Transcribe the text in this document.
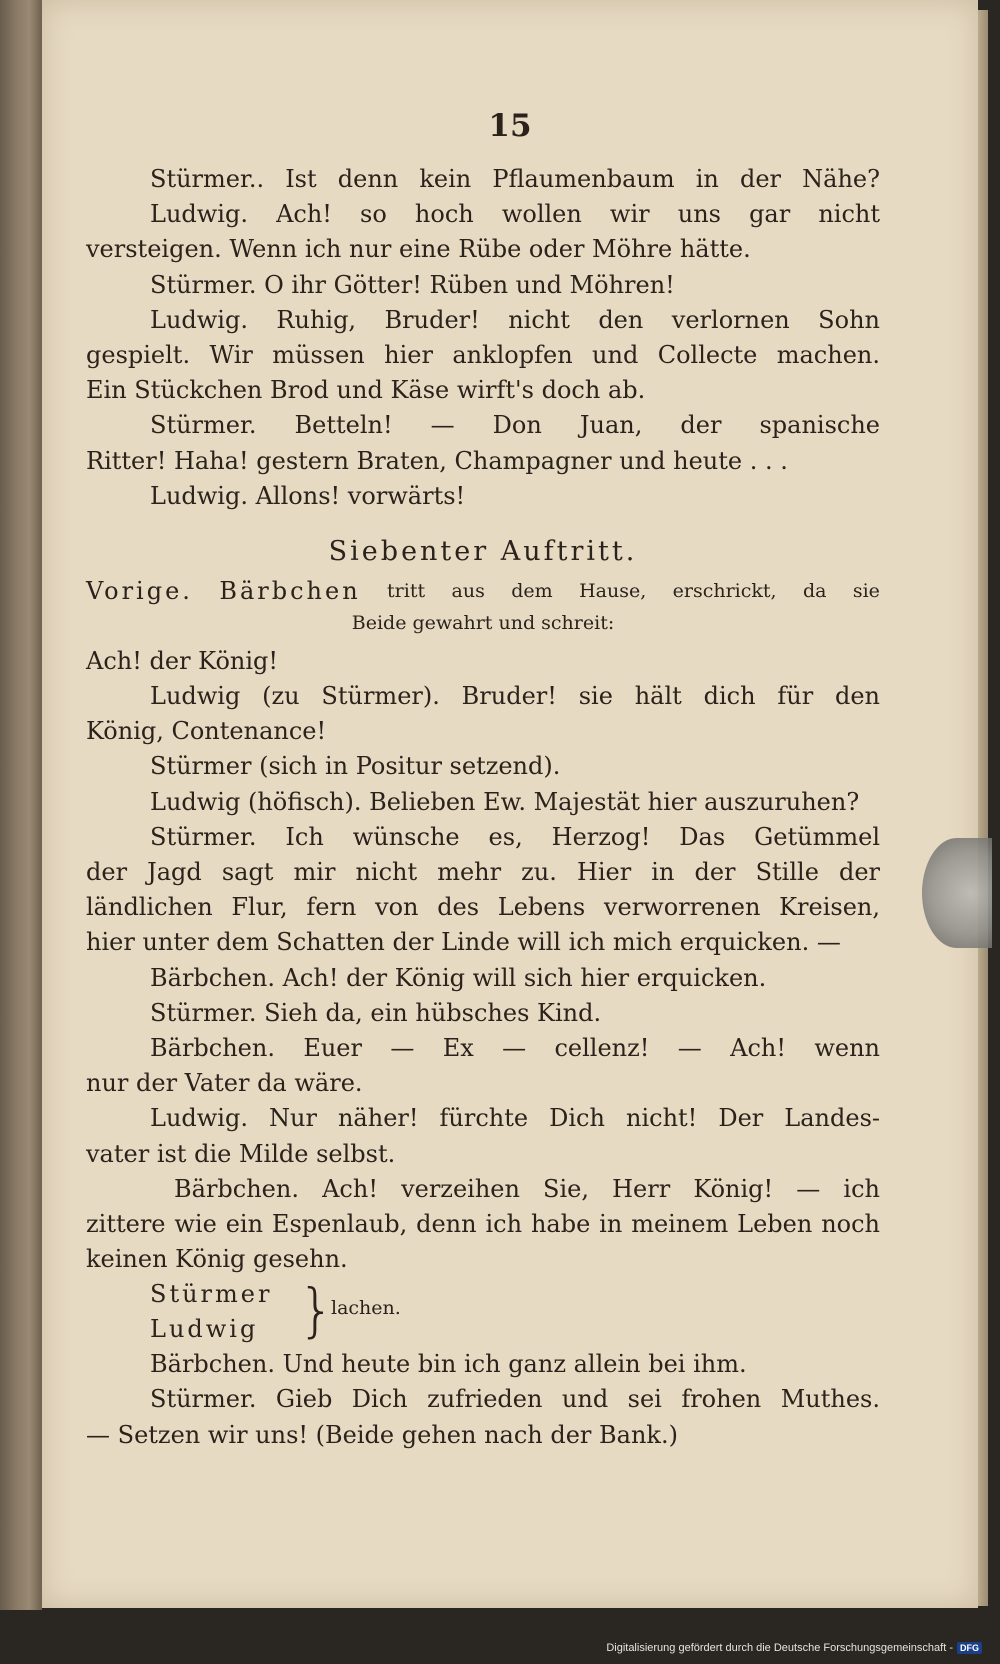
15
Stürmer.. Ist denn kein Pflaumenbaum in der Nähe?
Ludwig. Ach! so hoch wollen wir uns gar nicht
versteigen. Wenn ich nur eine Rübe oder Möhre hätte.
Stürmer. O ihr Götter! Rüben und Möhren!
Ludwig. Ruhig, Bruder! nicht den verlornen Sohn
gespielt. Wir müssen hier anklopfen und Collecte machen.
Ein Stückchen Brod und Käse wirft's doch ab.
Stürmer. Betteln! — Don Juan, der spanische
Ritter! Haha! gestern Braten, Champagner und heute . . .
Ludwig. Allons! vorwärts!
Siebenter Auftritt.
Vorige. Bärbchen tritt aus dem Hause, erschrickt, da sie
Beide gewahrt und schreit:
Ach! der König!
Ludwig (zu Stürmer). Bruder! sie hält dich für den
König, Contenance!
Stürmer (sich in Positur setzend).
Ludwig (höfisch). Belieben Ew. Majestät hier auszuruhen?
Stürmer. Ich wünsche es, Herzog! Das Getümmel
der Jagd sagt mir nicht mehr zu. Hier in der Stille der
ländlichen Flur, fern von des Lebens verworrenen Kreisen,
hier unter dem Schatten der Linde will ich mich erquicken. —
Bärbchen. Ach! der König will sich hier erquicken.
Stürmer. Sieh da, ein hübsches Kind.
Bärbchen. Euer — Ex — cellenz! — Ach! wenn
nur der Vater da wäre.
Ludwig. Nur näher! fürchte Dich nicht! Der Landes-
vater ist die Milde selbst.
Bärbchen. Ach! verzeihen Sie, Herr König! — ich
zittere wie ein Espenlaub, denn ich habe in meinem Leben noch
keinen König gesehn.
Stürmer
Ludwig }
lachen.
Bärbchen. Und heute bin ich ganz allein bei ihm.
Stürmer. Gieb Dich zufrieden und sei frohen Muthes.
— Setzen wir uns! (Beide gehen nach der Bank.)
Digitalisierung gefördert durch die Deutsche Forschungsgemeinschaft - DFG
